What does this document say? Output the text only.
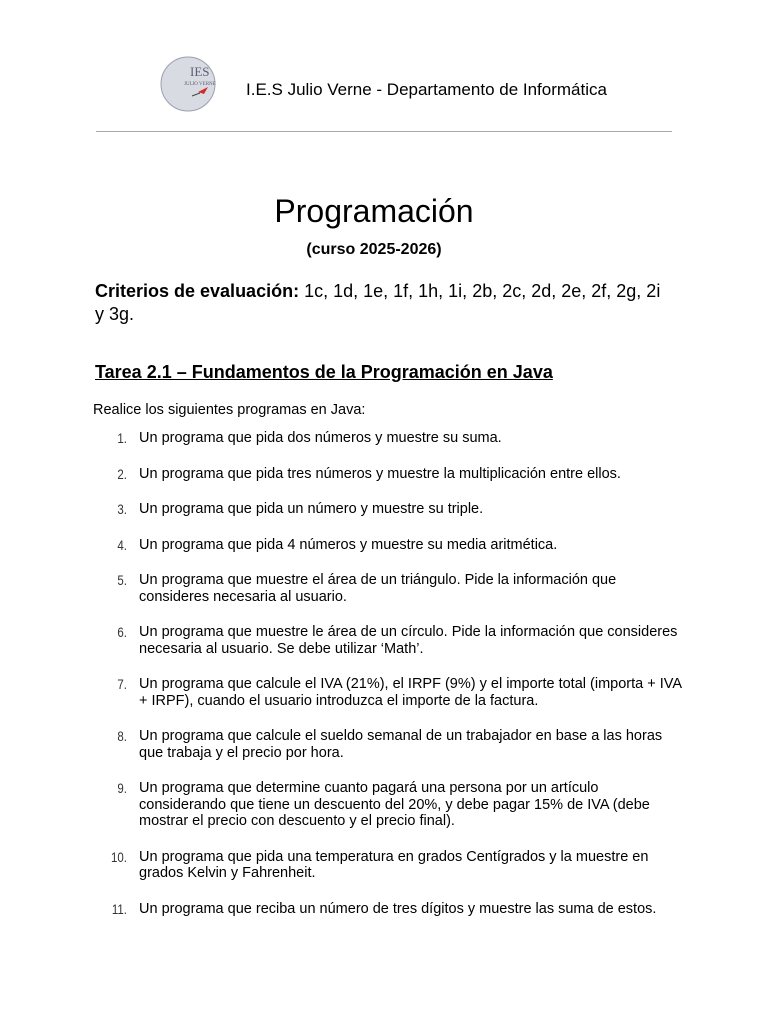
IES
JULIO VERNE I.E.S Julio Verne - Departamento de Informática
Programación
(curso 2025-2026)
Criterios de evaluación: 1c, 1d, 1e, 1f, 1h, 1i, 2b, 2c, 2d, 2e, 2f, 2g, 2i y 3g.
Tarea 2.1 – Fundamentos de la Programación en Java
Realice los siguientes programas en Java:
1. Un programa que pida dos números y muestre su suma.
2. Un programa que pida tres números y muestre la multiplicación entre ellos.
3. Un programa que pida un número y muestre su triple.
4. Un programa que pida 4 números y muestre su media aritmética.
5. Un programa que muestre el área de un triángulo. Pide la información que consideres necesaria al usuario.
6. Un programa que muestre le área de un círculo. Pide la información que consideres necesaria al usuario. Se debe utilizar ‘Math’.
7. Un programa que calcule el IVA (21%), el IRPF (9%) y el importe total (importa + IVA + IRPF), cuando el usuario introduzca el importe de la factura.
8. Un programa que calcule el sueldo semanal de un trabajador en base a las horas que trabaja y el precio por hora.
9. Un programa que determine cuanto pagará una persona por un artículo considerando que tiene un descuento del 20%, y debe pagar 15% de IVA (debe mostrar el precio con descuento y el precio final).
10. Un programa que pida una temperatura en grados Centígrados y la muestre en grados Kelvin y Fahrenheit.
11. Un programa que reciba un número de tres dígitos y muestre las suma de estos.
